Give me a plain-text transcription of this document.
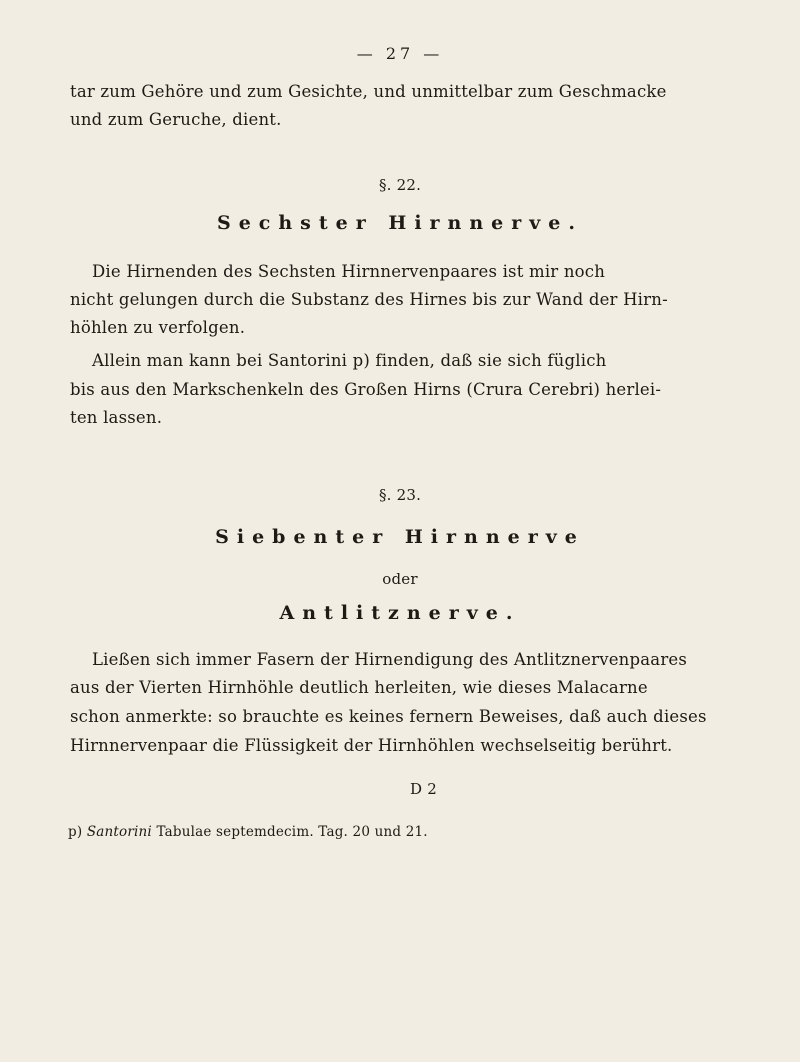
— 27 —
tar zum Gehöre und zum Gesichte, und unmittelbar zum Geschmacke
und zum Geruche, dient.
§. 22.
Sechster Hirnnerve.
Die Hirnenden des Sechsten Hirnnervenpaares ist mir noch
nicht gelungen durch die Substanz des Hirnes bis zur Wand der Hirn-
höhlen zu verfolgen.
Allein man kann bei Santorini p) finden, daß sie sich füglich
bis aus den Markschenkeln des Großen Hirns (Crura Cerebri) herlei-
ten lassen.
§. 23.
Siebenter Hirnnerve
oder
Antlitznerve.
Ließen sich immer Fasern der Hirnendigung des Antlitznervenpaares
aus der Vierten Hirnhöhle deutlich herleiten, wie dieses Malacarne
schon anmerkte: so brauchte es keines fernern Beweises, daß auch dieses
Hirnnervenpaar die Flüssigkeit der Hirnhöhlen wechselseitig berührt.
D 2
p) Santorini Tabulae septemdecim. Tag. 20 und 21.
